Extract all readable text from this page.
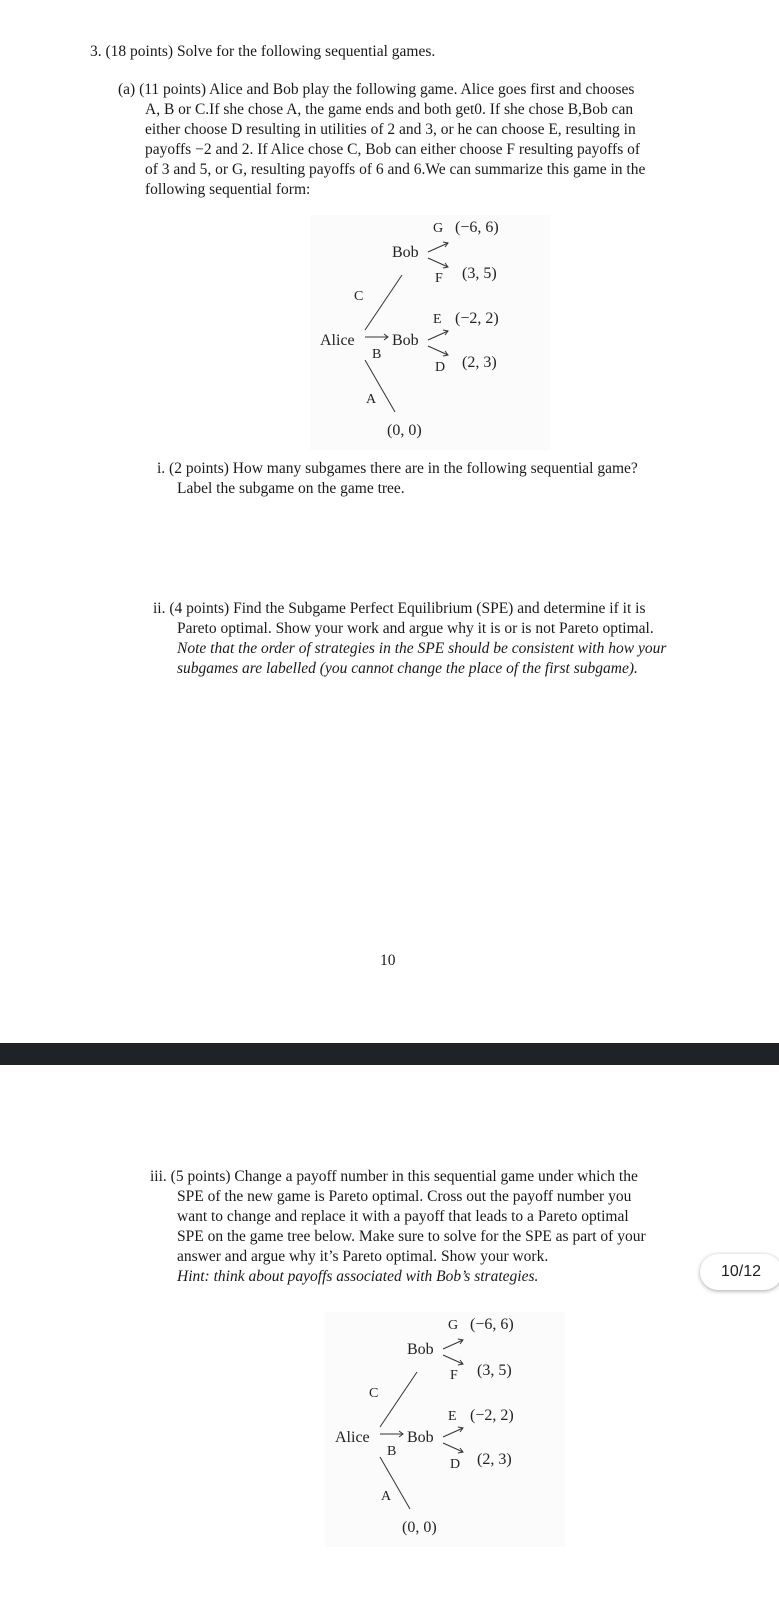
3. (18 points) Solve for the following sequential games.

(a) (11 points) Alice and Bob play the following game. Alice goes first and chooses

A, B or C.If she chose A, the game ends and both get0. If she chose B,Bob can

either choose D resulting in utilities of 2 and 3, or he can choose E, resulting in

payoffs −2 and 2. If Alice chose C, Bob can either choose F resulting payoffs of

of 3 and 5, or G, resulting payoffs of 6 and 6.We can summarize this game in the

following sequential form:

C
A
B
Bob
Alice Bob
G
F
(−6, 6)
(3, 5)
E
D
(−2, 2)
(2, 3)
(0, 0)

i. (2 points) How many subgames there are in the following sequential game?

Label the subgame on the game tree.

ii. (4 points) Find the Subgame Perfect Equilibrium (SPE) and determine if it is

Pareto optimal. Show your work and argue why it is or is not Pareto optimal.

Note that the order of strategies in the SPE should be consistent with how your

subgames are labelled (you cannot change the place of the first subgame).

10

iii. (5 points) Change a payoff number in this sequential game under which the

SPE of the new game is Pareto optimal. Cross out the payoff number you

want to change and replace it with a payoff that leads to a Pareto optimal

SPE on the game tree below. Make sure to solve for the SPE as part of your

answer and argue why it’s Pareto optimal. Show your work.

Hint: think about payoffs associated with Bob’s strategies.

C
A
B
Bob
Alice Bob
G
F
(−6, 6)
(3, 5)
E
D
(−2, 2)
(2, 3)
(0, 0)
10/12
